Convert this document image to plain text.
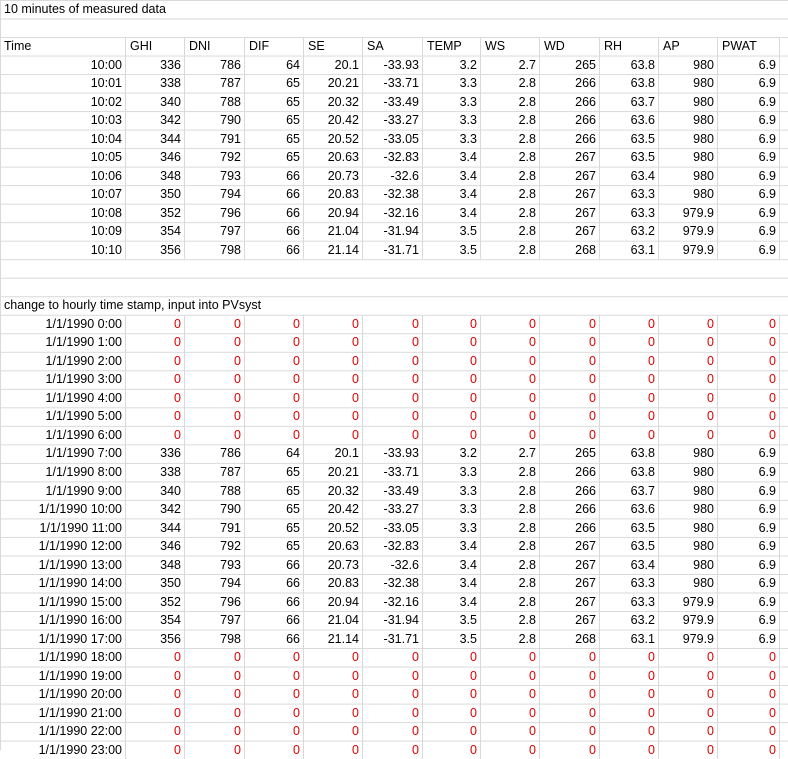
10 minutes of measured data
Time	GHI	DNI	DIF	SE	SA	TEMP	WS	WD	RH	AP	PWAT
10:00	336	786	64	20.1	-33.93	3.2	2.7	265	63.8	980	6.9
10:01	338	787	65	20.21	-33.71	3.3	2.8	266	63.8	980	6.9
10:02	340	788	65	20.32	-33.49	3.3	2.8	266	63.7	980	6.9
10:03	342	790	65	20.42	-33.27	3.3	2.8	266	63.6	980	6.9
10:04	344	791	65	20.52	-33.05	3.3	2.8	266	63.5	980	6.9
10:05	346	792	65	20.63	-32.83	3.4	2.8	267	63.5	980	6.9
10:06	348	793	66	20.73	-32.6	3.4	2.8	267	63.4	980	6.9
10:07	350	794	66	20.83	-32.38	3.4	2.8	267	63.3	980	6.9
10:08	352	796	66	20.94	-32.16	3.4	2.8	267	63.3	979.9	6.9
10:09	354	797	66	21.04	-31.94	3.5	2.8	267	63.2	979.9	6.9
10:10	356	798	66	21.14	-31.71	3.5	2.8	268	63.1	979.9	6.9
change to hourly time stamp, input into PVsyst
1/1/1990 0:00	0	0	0	0	0	0	0	0	0	0	0
1/1/1990 1:00	0	0	0	0	0	0	0	0	0	0	0
1/1/1990 2:00	0	0	0	0	0	0	0	0	0	0	0
1/1/1990 3:00	0	0	0	0	0	0	0	0	0	0	0
1/1/1990 4:00	0	0	0	0	0	0	0	0	0	0	0
1/1/1990 5:00	0	0	0	0	0	0	0	0	0	0	0
1/1/1990 6:00	0	0	0	0	0	0	0	0	0	0	0
1/1/1990 7:00	336	786	64	20.1	-33.93	3.2	2.7	265	63.8	980	6.9
1/1/1990 8:00	338	787	65	20.21	-33.71	3.3	2.8	266	63.8	980	6.9
1/1/1990 9:00	340	788	65	20.32	-33.49	3.3	2.8	266	63.7	980	6.9
1/1/1990 10:00	342	790	65	20.42	-33.27	3.3	2.8	266	63.6	980	6.9
1/1/1990 11:00	344	791	65	20.52	-33.05	3.3	2.8	266	63.5	980	6.9
1/1/1990 12:00	346	792	65	20.63	-32.83	3.4	2.8	267	63.5	980	6.9
1/1/1990 13:00	348	793	66	20.73	-32.6	3.4	2.8	267	63.4	980	6.9
1/1/1990 14:00	350	794	66	20.83	-32.38	3.4	2.8	267	63.3	980	6.9
1/1/1990 15:00	352	796	66	20.94	-32.16	3.4	2.8	267	63.3	979.9	6.9
1/1/1990 16:00	354	797	66	21.04	-31.94	3.5	2.8	267	63.2	979.9	6.9
1/1/1990 17:00	356	798	66	21.14	-31.71	3.5	2.8	268	63.1	979.9	6.9
1/1/1990 18:00	0	0	0	0	0	0	0	0	0	0	0
1/1/1990 19:00	0	0	0	0	0	0	0	0	0	0	0
1/1/1990 20:00	0	0	0	0	0	0	0	0	0	0	0
1/1/1990 21:00	0	0	0	0	0	0	0	0	0	0	0
1/1/1990 22:00	0	0	0	0	0	0	0	0	0	0	0
1/1/1990 23:00	0	0	0	0	0	0	0	0	0	0	0
